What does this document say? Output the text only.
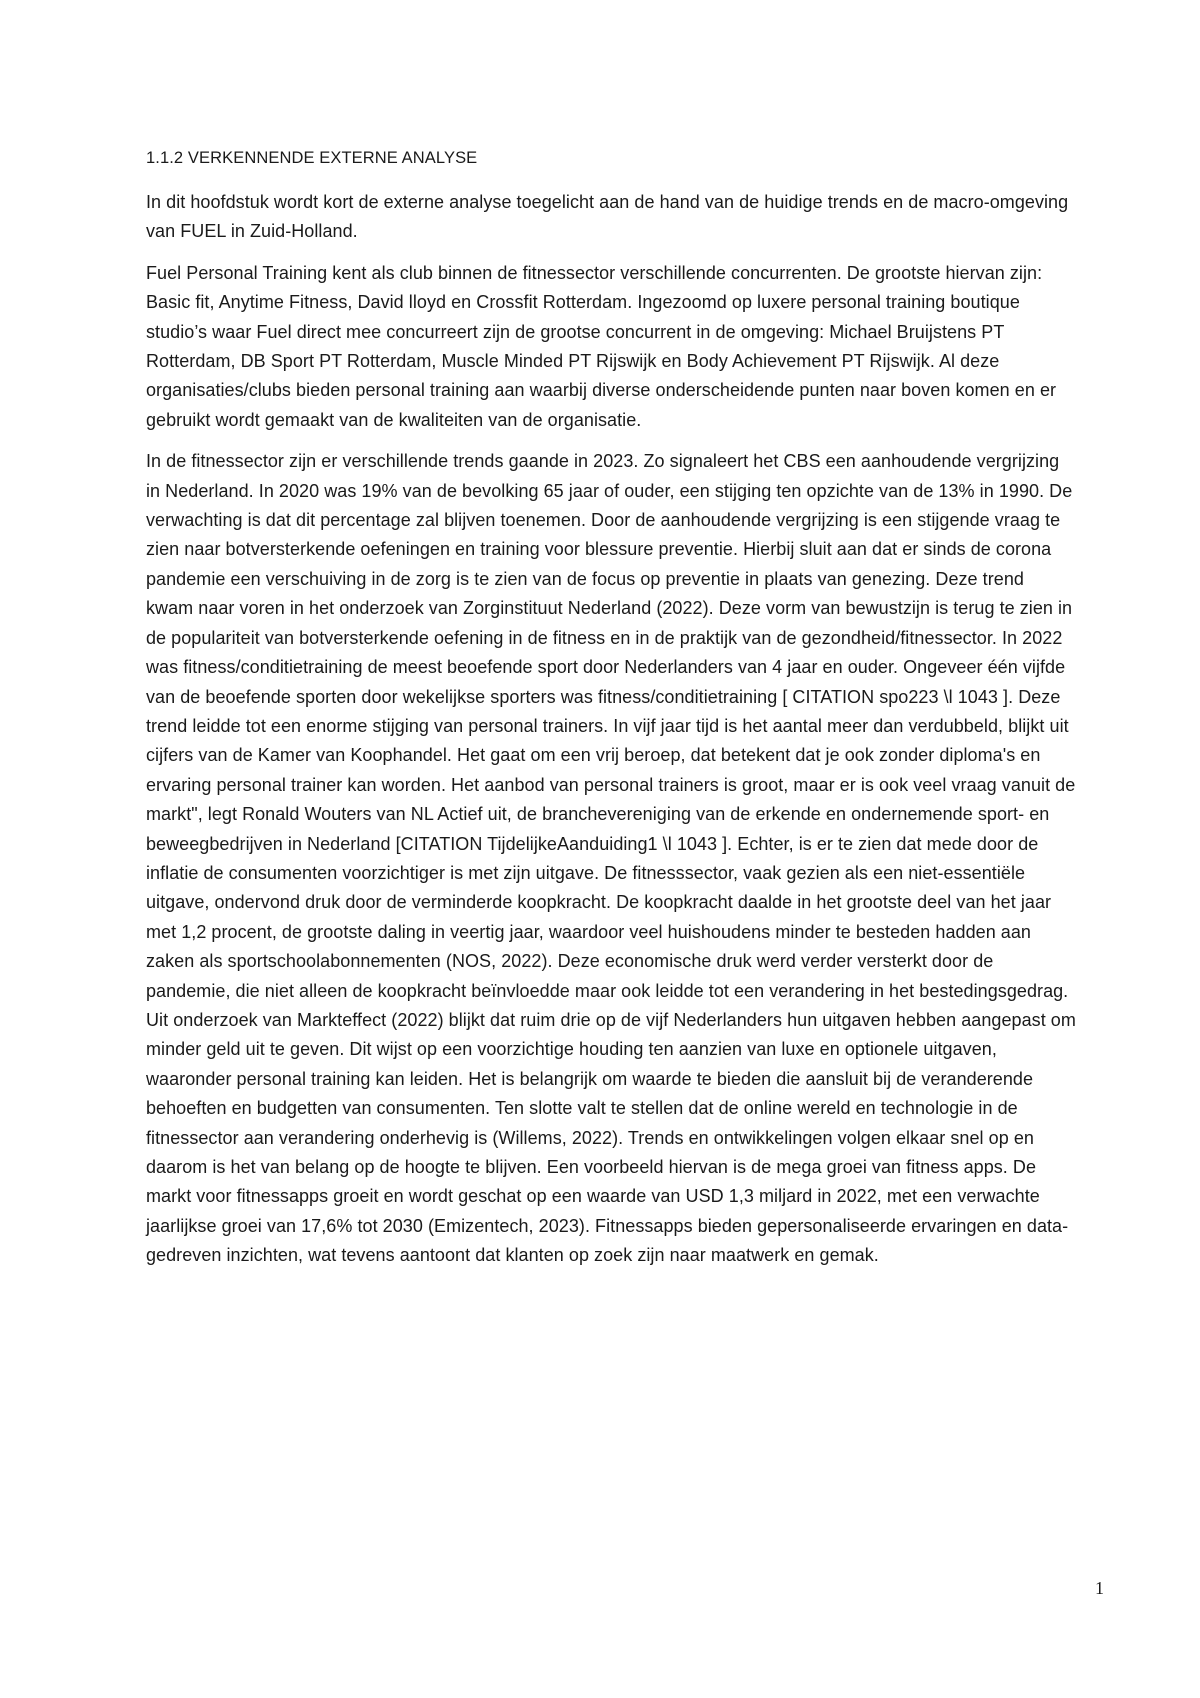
1.1.2 VERKENNENDE EXTERNE ANALYSE

In dit hoofdstuk wordt kort de externe analyse toegelicht aan de hand van de huidige trends en de macro-omgeving van FUEL in Zuid-Holland.

Fuel Personal Training kent als club binnen de fitnessector verschillende concurrenten. De grootste hiervan zijn: Basic fit, Anytime Fitness, David lloyd en Crossfit Rotterdam. Ingezoomd op luxere personal training boutique studio’s waar Fuel direct mee concurreert zijn de grootse concurrent in de omgeving: Michael Bruijstens PT Rotterdam, DB Sport PT Rotterdam, Muscle Minded PT Rijswijk en Body Achievement PT Rijswijk. Al deze organisaties/clubs bieden personal training aan waarbij diverse onderscheidende punten naar boven komen en er gebruikt wordt gemaakt van de kwaliteiten van de organisatie.

In de fitnessector zijn er verschillende trends gaande in 2023. Zo signaleert het CBS een aanhoudende vergrijzing in Nederland. In 2020 was 19% van de bevolking 65 jaar of ouder, een stijging ten opzichte van de 13% in 1990. De verwachting is dat dit percentage zal blijven toenemen. Door de aanhoudende vergrijzing is een stijgende vraag te zien naar botversterkende oefeningen en training voor blessure preventie. Hierbij sluit aan dat er sinds de corona pandemie een verschuiving in de zorg is te zien van de focus op preventie in plaats van genezing. Deze trend kwam naar voren in het onderzoek van Zorginstituut Nederland (2022). Deze vorm van bewustzijn is terug te zien in de populariteit van botversterkende oefening in de fitness en in de praktijk van de gezondheid/fitnessector. In 2022 was fitness/conditietraining de meest beoefende sport door Nederlanders van 4 jaar en ouder. Ongeveer één vijfde van de beoefende sporten door wekelijkse sporters was fitness/conditietraining [ CITATION spo223 \l 1043 ]. Deze trend leidde tot een enorme stijging van personal trainers. In vijf jaar tijd is het aantal meer dan verdubbeld, blijkt uit cijfers van de Kamer van Koophandel. Het gaat om een vrij beroep, dat betekent dat je ook zonder diploma's en ervaring personal trainer kan worden. Het aanbod van personal trainers is groot, maar er is ook veel vraag vanuit de markt", legt Ronald Wouters van NL Actief uit, de branchevereniging van de erkende en ondernemende sport- en beweegbedrijven in Nederland [CITATION TijdelijkeAanduiding1 \l 1043 ]. Echter, is er te zien dat mede door de inflatie de consumenten voorzichtiger is met zijn uitgave. De fitnesssector, vaak gezien als een niet-essentiële uitgave, ondervond druk door de verminderde koopkracht. De koopkracht daalde in het grootste deel van het jaar met 1,2 procent, de grootste daling in veertig jaar, waardoor veel huishoudens minder te besteden hadden aan zaken als sportschoolabonnementen (NOS, 2022). Deze economische druk werd verder versterkt door de pandemie, die niet alleen de koopkracht beïnvloedde maar ook leidde tot een verandering in het bestedingsgedrag. Uit onderzoek van Markteffect (2022) blijkt dat ruim drie op de vijf Nederlanders hun uitgaven hebben aangepast om minder geld uit te geven. Dit wijst op een voorzichtige houding ten aanzien van luxe en optionele uitgaven, waaronder personal training kan leiden. Het is belangrijk om waarde te bieden die aansluit bij de veranderende behoeften en budgetten van consumenten. Ten slotte valt te stellen dat de online wereld en technologie in de fitnessector aan verandering onderhevig is (Willems, 2022). Trends en ontwikkelingen volgen elkaar snel op en daarom is het van belang op de hoogte te blijven. Een voorbeeld hiervan is de mega groei van fitness apps. De markt voor fitnessapps groeit en wordt geschat op een waarde van USD 1,3 miljard in 2022, met een verwachte jaarlijkse groei van 17,6% tot 2030 (Emizentech, 2023). Fitnessapps bieden gepersonaliseerde ervaringen en data-gedreven inzichten, wat tevens aantoont dat klanten op zoek zijn naar maatwerk en gemak.

1
